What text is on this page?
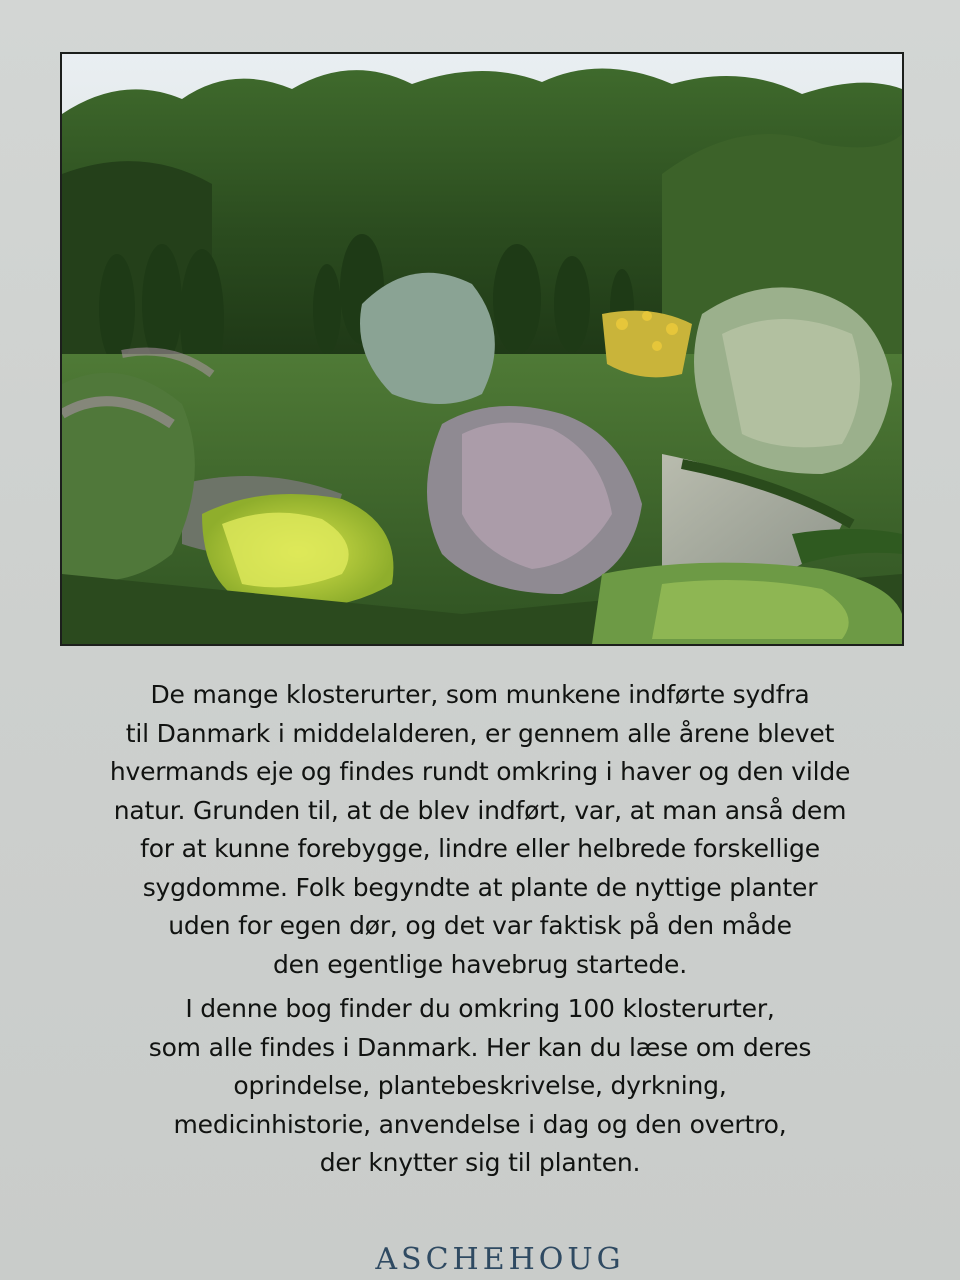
De mange klosterurter, som munkene indførte sydfra
til Danmark i middelalderen, er gennem alle årene blevet
hvermands eje og findes rundt omkring i haver og den vilde
natur. Grunden til, at de blev indført, var, at man anså dem
for at kunne forebygge, lindre eller helbrede forskellige
sygdomme. Folk begyndte at plante de nyttige planter
uden for egen dør, og det var faktisk på den måde
den egentlige havebrug startede.
I denne bog finder du omkring 100 klosterurter,
som alle findes i Danmark. Her kan du læse om deres
oprindelse, plantebeskrivelse, dyrkning,
medicinhistorie, anvendelse i dag og den overtro,
der knytter sig til planten.
ASCHEHOUG
